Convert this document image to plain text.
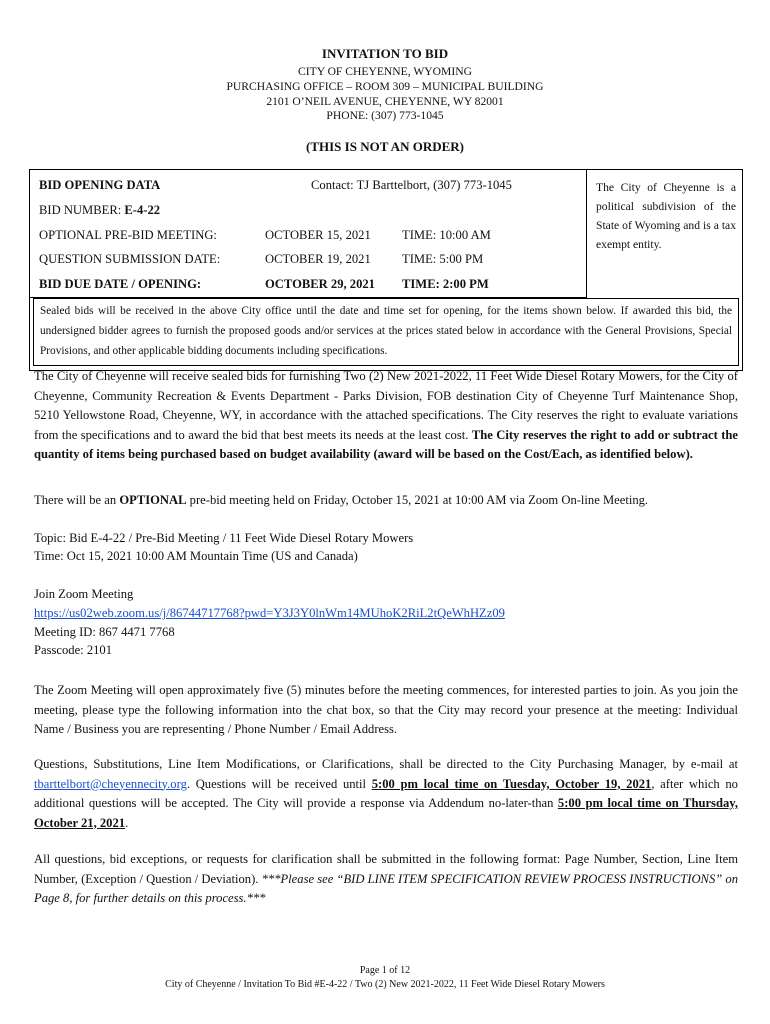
INVITATION TO BID
CITY OF CHEYENNE, WYOMING
PURCHASING OFFICE – ROOM 309 – MUNICIPAL BUILDING
2101 O’NEIL AVENUE, CHEYENNE, WY 82001
PHONE: (307) 773-1045
(THIS IS NOT AN ORDER)
BID OPENING DATA	Contact: TJ Barttelbort, (307) 773-1045
BID NUMBER: E-4-22
OPTIONAL PRE-BID MEETING:	OCTOBER 15, 2021 TIME: 10:00 AM
QUESTION SUBMISSION DATE:	OCTOBER 19, 2021 TIME: 5:00 PM
BID DUE DATE / OPENING:	OCTOBER 29, 2021 TIME: 2:00 PM
The City of Cheyenne is a political subdivision of the State of Wyoming and is a tax exempt entity.
Sealed bids will be received in the above City office until the date and time set for opening, for the items shown below. If awarded this bid, the undersigned bidder agrees to furnish the proposed goods and/or services at the prices stated below in accordance with the General Provisions, Special Provisions, and other applicable bidding documents including specifications.
The City of Cheyenne will receive sealed bids for furnishing Two (2) New 2021-2022, 11 Feet Wide Diesel Rotary Mowers, for the City of Cheyenne, Community Recreation & Events Department - Parks Division, FOB destination City of Cheyenne Turf Maintenance Shop, 5210 Yellowstone Road, Cheyenne, WY, in accordance with the attached specifications. The City reserves the right to evaluate variations from the specifications and to award the bid that best meets its needs at the least cost. The City reserves the right to add or subtract the quantity of items being purchased based on budget availability (award will be based on the Cost/Each, as identified below).
There will be an OPTIONAL pre-bid meeting held on Friday, October 15, 2021 at 10:00 AM via Zoom On-line Meeting.
Topic: Bid E-4-22 / Pre-Bid Meeting / 11 Feet Wide Diesel Rotary Mowers
Time: Oct 15, 2021 10:00 AM Mountain Time (US and Canada)
Join Zoom Meeting
https://us02web.zoom.us/j/86744717768?pwd=Y3J3Y0lnWm14MUhoK2RiL2tQeWhHZz09
Meeting ID: 867 4471 7768
Passcode: 2101
The Zoom Meeting will open approximately five (5) minutes before the meeting commences, for interested parties to join. As you join the meeting, please type the following information into the chat box, so that the City may record your presence at the meeting: Individual Name / Business you are representing / Phone Number / Email Address.
Questions, Substitutions, Line Item Modifications, or Clarifications, shall be directed to the City Purchasing Manager, by e-mail at tbarttelbort@cheyennecity.org. Questions will be received until 5:00 pm local time on Tuesday, October 19, 2021, after which no additional questions will be accepted. The City will provide a response via Addendum no-later-than 5:00 pm local time on Thursday, October 21, 2021.
All questions, bid exceptions, or requests for clarification shall be submitted in the following format: Page Number, Section, Line Item Number, (Exception / Question / Deviation). ***Please see “BID LINE ITEM SPECIFICATION REVIEW PROCESS INSTRUCTIONS” on Page 8, for further details on this process.***
Page 1 of 12
City of Cheyenne / Invitation To Bid #E-4-22 / Two (2) New 2021-2022, 11 Feet Wide Diesel Rotary Mowers
